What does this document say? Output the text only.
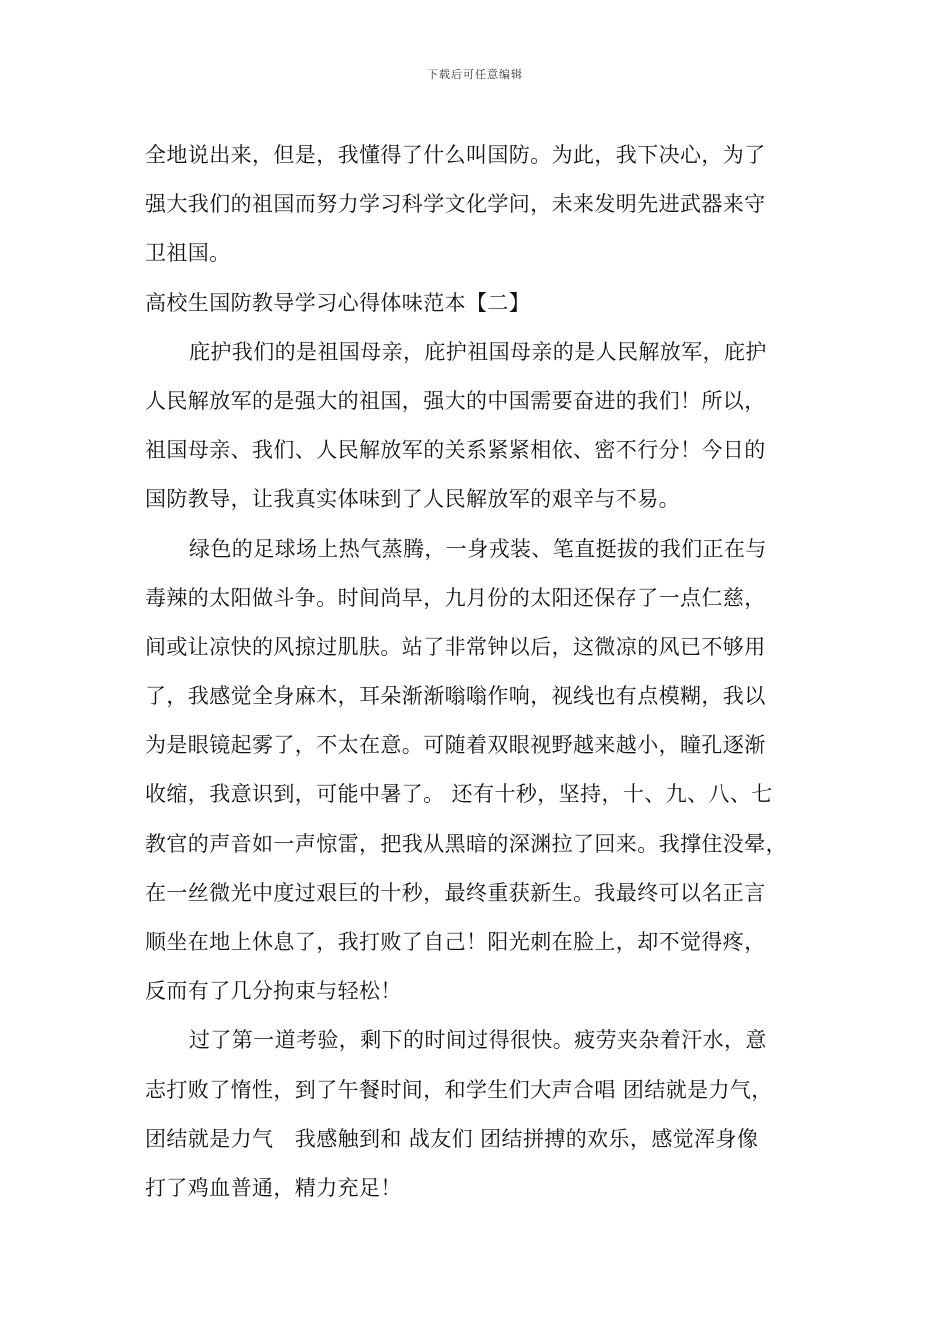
下载后可任意编辑
全地说出来，但是，我懂得了什么叫国防。为此，我下决心，为了
强大我们的祖国而努力学习科学文化学问，未来发明先进武器来守
卫祖国。
高校生国防教导学习心得体味范本【二】
庇护我们的是祖国母亲，庇护祖国母亲的是人民解放军，庇护
人民解放军的是强大的祖国，强大的中国需要奋进的我们！所以，
祖国母亲、我们、人民解放军的关系紧紧相依、密不行分！今日的
国防教导，让我真实体味到了人民解放军的艰辛与不易。
绿色的足球场上热气蒸腾，一身戎装、笔直挺拔的我们正在与
毒辣的太阳做斗争。时间尚早，九月份的太阳还保存了一点仁慈，
间或让凉快的风掠过肌肤。站了非常钟以后，这微凉的风已不够用
了，我感觉全身麻木，耳朵渐渐嗡嗡作响，视线也有点模糊，我以
为是眼镜起雾了，不太在意。可随着双眼视野越来越小，瞳孔逐渐
收缩，我意识到，可能中暑了。 还有十秒，坚持，十、九、八、七
教官的声音如一声惊雷，把我从黑暗的深渊拉了回来。我撑住没晕，
在一丝微光中度过艰巨的十秒，最终重获新生。我最终可以名正言
顺坐在地上休息了，我打败了自己！阳光刺在脸上，却不觉得疼，
反而有了几分拘束与轻松！
过了第一道考验，剩下的时间过得很快。疲劳夹杂着汗水，意
志打败了惰性，到了午餐时间，和学生们大声合唱 团结就是力气，
团结就是力气　我感触到和 战友们 团结拼搏的欢乐，感觉浑身像
打了鸡血普通，精力充足！
